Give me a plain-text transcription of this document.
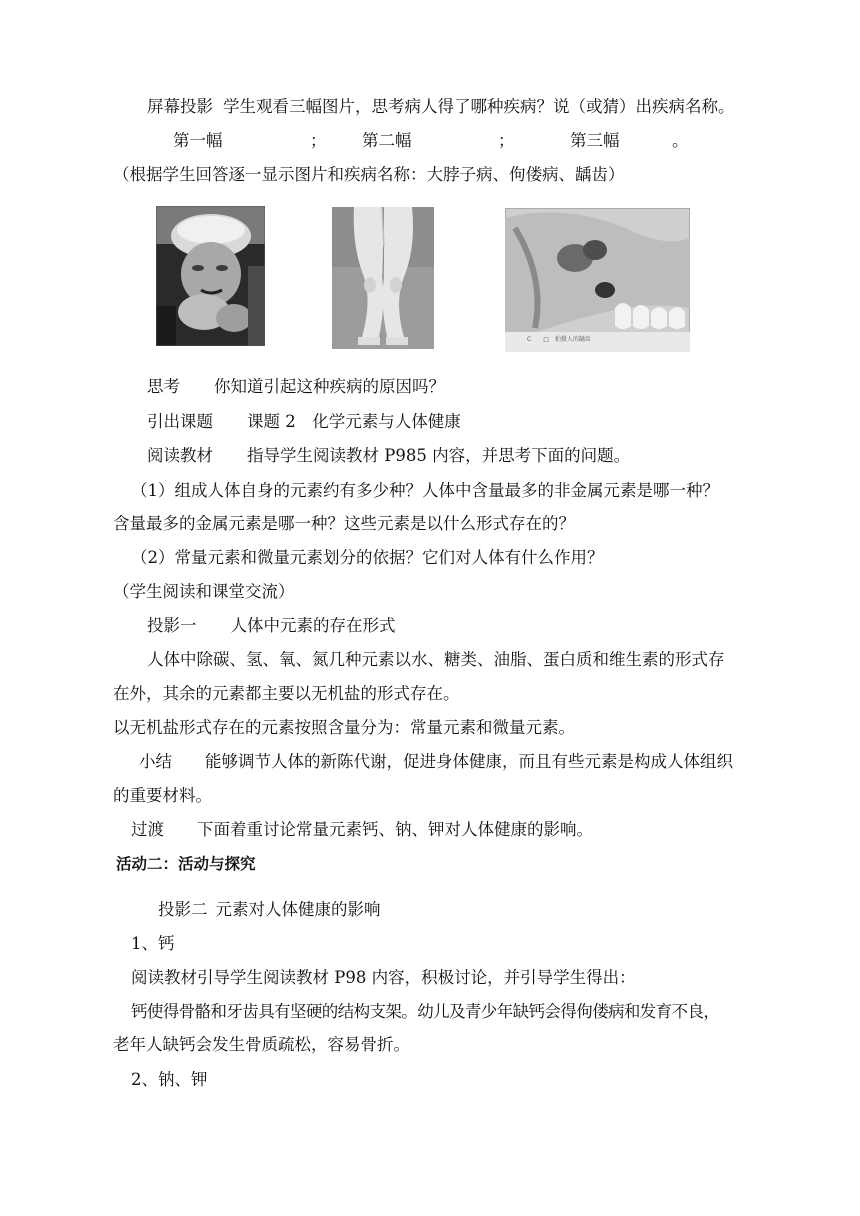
屏幕投影 学生观看三幅图片，思考病人得了哪种疾病？说（或猜）出疾病名称。
第一幅	； 第二幅	；	第三幅	。
（根据学生回答逐一显示图片和疾病名称：大脖子病、佝偻病、龋齿）
C　　□　拍摄人的龋齿
思考 你知道引起这种疾病的原因吗？
引出课题 课题 2　化学元素与人体健康
阅读教材 指导学生阅读教材 P985 内容，并思考下面的问题。
（1）组成人体自身的元素约有多少种？人体中含量最多的非金属元素是哪一种？
含量最多的金属元素是哪一种？这些元素是以什么形式存在的？
（2）常量元素和微量元素划分的依据？它们对人体有什么作用？
（学生阅读和课堂交流）
投影一 人体中元素的存在形式
人体中除碳、氢、氧、氮几种元素以水、糖类、油脂、蛋白质和维生素的形式存
在外，其余的元素都主要以无机盐的形式存在。
以无机盐形式存在的元素按照含量分为：常量元素和微量元素。
小结 能够调节人体的新陈代谢，促进身体健康，而且有些元素是构成人体组织
的重要材料。
过渡 下面着重讨论常量元素钙、钠、钾对人体健康的影响。
活动二：活动与探究
投影二 元素对人体健康的影响
1、钙
阅读教材引导学生阅读教材 P98 内容，积极讨论，并引导学生得出：
钙使得骨骼和牙齿具有坚硬的结构支架。幼儿及青少年缺钙会得佝偻病和发育不良，
老年人缺钙会发生骨质疏松，容易骨折。
2、钠、钾
